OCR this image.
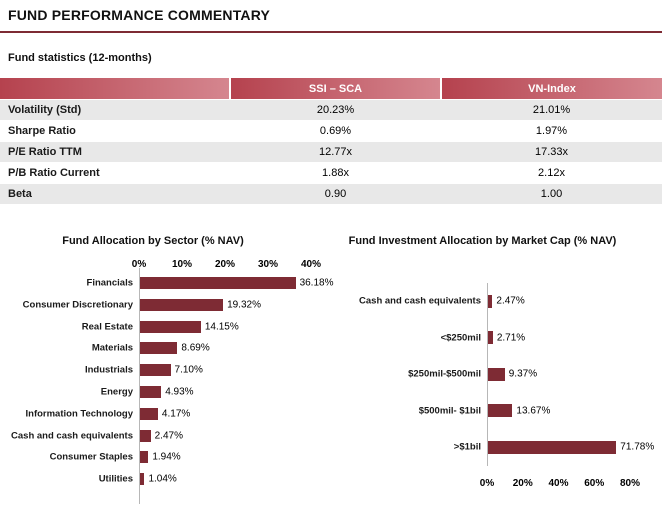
FUND PERFORMANCE COMMENTARY
Fund statistics (12-months)
	SSI – SCA	VN-Index
Volatility (Std)	20.23%	21.01%
Sharpe Ratio	0.69%	1.97%
P/E Ratio TTM	12.77x	17.33x
P/B Ratio Current	1.88x	2.12x
Beta	0.90	1.00
Fund Allocation by Sector (% NAV)
0%	10% 20% 30% 40%
Financials	36.18%
Consumer Discretionary	19.32%
Real Estate	14.15%
Materials	8.69%
Industrials	7.10%
Energy	4.93%
Information Technology	4.17%
Cash and cash equivalents 2.47%
Consumer Staples 1.94%
Utilities 1.04%
Fund Investment Allocation by Market Cap (% NAV)
0% 20% 40% 60% 80%
Cash and cash equivalents 2.47%
<$250mil 2.71%
$250mil-$500mil	9.37%
$500mil- $1bil	13.67%
>$1bil	71.78%
